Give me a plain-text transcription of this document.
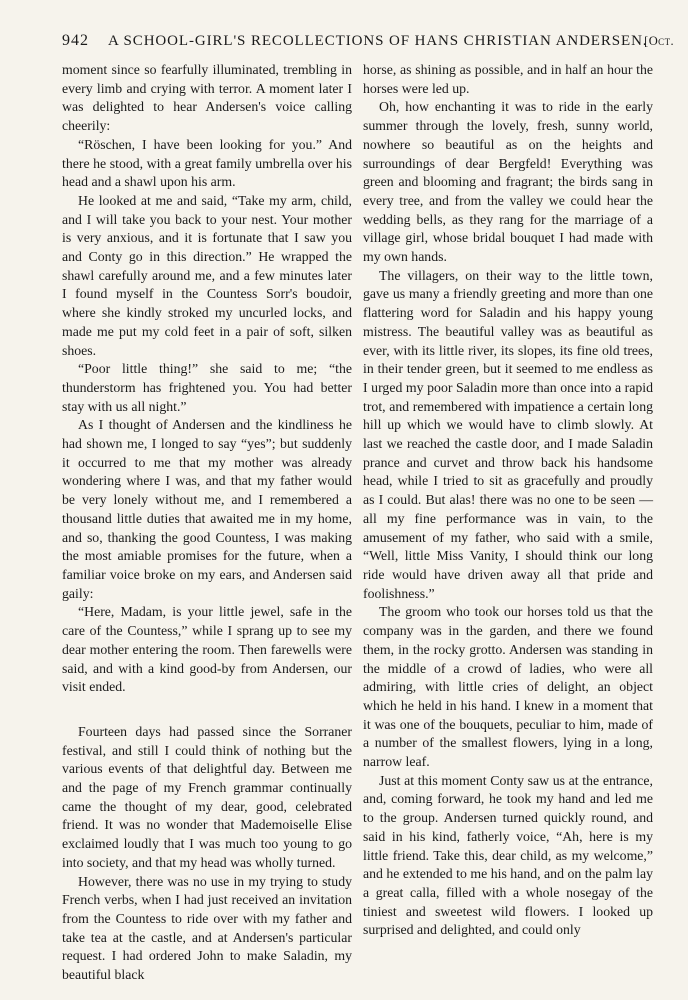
942 A SCHOOL-GIRL'S RECOLLECTIONS OF HANS CHRISTIAN ANDERSEN.
[Oct.

moment since so fearfully illuminated, trembling in every limb and crying with terror. A moment later I was delighted to hear Andersen's voice calling cheerily:

“Röschen, I have been looking for you.” And there he stood, with a great family umbrella over his head and a shawl upon his arm.

He looked at me and said, “Take my arm, child, and I will take you back to your nest. Your mother is very anxious, and it is fortunate that I saw you and Conty go in this direction.” He wrapped the shawl carefully around me, and a few minutes later I found myself in the Countess Sorr's boudoir, where she kindly stroked my uncurled locks, and made me put my cold feet in a pair of soft, silken shoes.

“Poor little thing!” she said to me; “the thunderstorm has frightened you. You had better stay with us all night.”

As I thought of Andersen and the kindliness he had shown me, I longed to say “yes”; but suddenly it occurred to me that my mother was already wondering where I was, and that my father would be very lonely without me, and I remembered a thousand little duties that awaited me in my home, and so, thanking the good Countess, I was making the most amiable promises for the future, when a familiar voice broke on my ears, and Andersen said gaily:

“Here, Madam, is your little jewel, safe in the care of the Countess,” while I sprang up to see my dear mother entering the room. Then farewells were said, and with a kind good-by from Andersen, our visit ended.

Fourteen days had passed since the Sorraner festival, and still I could think of nothing but the various events of that delightful day. Between me and the page of my French grammar continually came the thought of my dear, good, celebrated friend. It was no wonder that Mademoiselle Elise exclaimed loudly that I was much too young to go into society, and that my head was wholly turned.

However, there was no use in my trying to study French verbs, when I had just received an invitation from the Countess to ride over with my father and take tea at the castle, and at Andersen's particular request. I had ordered John to make Saladin, my beautiful black

horse, as shining as possible, and in half an hour the horses were led up.

Oh, how enchanting it was to ride in the early summer through the lovely, fresh, sunny world, nowhere so beautiful as on the heights and surroundings of dear Bergfeld! Everything was green and blooming and fragrant; the birds sang in every tree, and from the valley we could hear the wedding bells, as they rang for the marriage of a village girl, whose bridal bouquet I had made with my own hands.

The villagers, on their way to the little town, gave us many a friendly greeting and more than one flattering word for Saladin and his happy young mistress. The beautiful valley was as beautiful as ever, with its little river, its slopes, its fine old trees, in their tender green, but it seemed to me endless as I urged my poor Saladin more than once into a rapid trot, and remembered with impatience a certain long hill up which we would have to climb slowly. At last we reached the castle door, and I made Saladin prance and curvet and throw back his handsome head, while I tried to sit as gracefully and proudly as I could. But alas! there was no one to be seen — all my fine performance was in vain, to the amusement of my father, who said with a smile, “Well, little Miss Vanity, I should think our long ride would have driven away all that pride and foolishness.”

The groom who took our horses told us that the company was in the garden, and there we found them, in the rocky grotto. Andersen was standing in the middle of a crowd of ladies, who were all admiring, with little cries of delight, an object which he held in his hand. I knew in a moment that it was one of the bouquets, peculiar to him, made of a number of the smallest flowers, lying in a long, narrow leaf.

Just at this moment Conty saw us at the entrance, and, coming forward, he took my hand and led me to the group. Andersen turned quickly round, and said in his kind, fatherly voice, “Ah, here is my little friend. Take this, dear child, as my welcome,” and he extended to me his hand, and on the palm lay a great calla, filled with a whole nosegay of the tiniest and sweetest wild flowers. I looked up surprised and delighted, and could only
